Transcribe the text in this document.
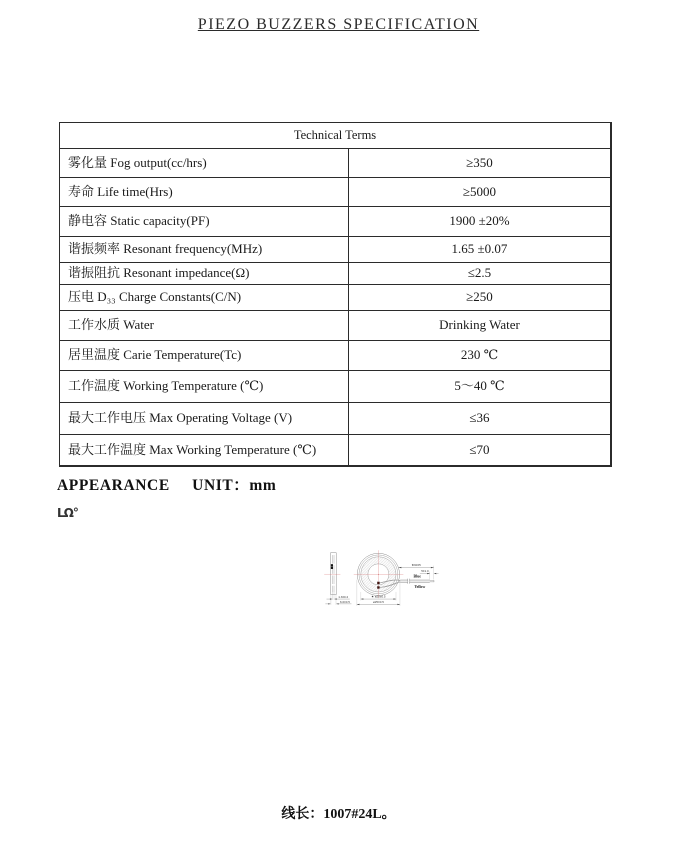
PIEZO BUZZERS SPECIFICATION
Technical Terms	
雾化量 Fog output(cc/hrs)	≥350
寿命 Life time(Hrs)	≥5000
静电容 Static capacity(PF)	1900 ±20%
谐振频率 Resonant frequency(MHz)	1.65 ±0.07
谐振阻抗 Resonant impedance(Ω)	≤2.5
压电 D₃₃ Charge Constants(C/N)	≥250
工作水质 Water	Drinking Water
居里温度 Carie Temperature(Tc)	230 ℃
工作温度 Working Temperature (℃)	5～40 ℃
最大工作电压 Max Operating Voltage (V)	≤36
最大工作温度 Max Working Temperature (℃)	≤70
APPEARANCE     UNIT：mm
LΩ°
1.3±0.2
6.0±0.5
★90±5
5±1.0
Blue
Yellow
★ ø20±0.5
ø25±0.5

线长：1007#24L。
